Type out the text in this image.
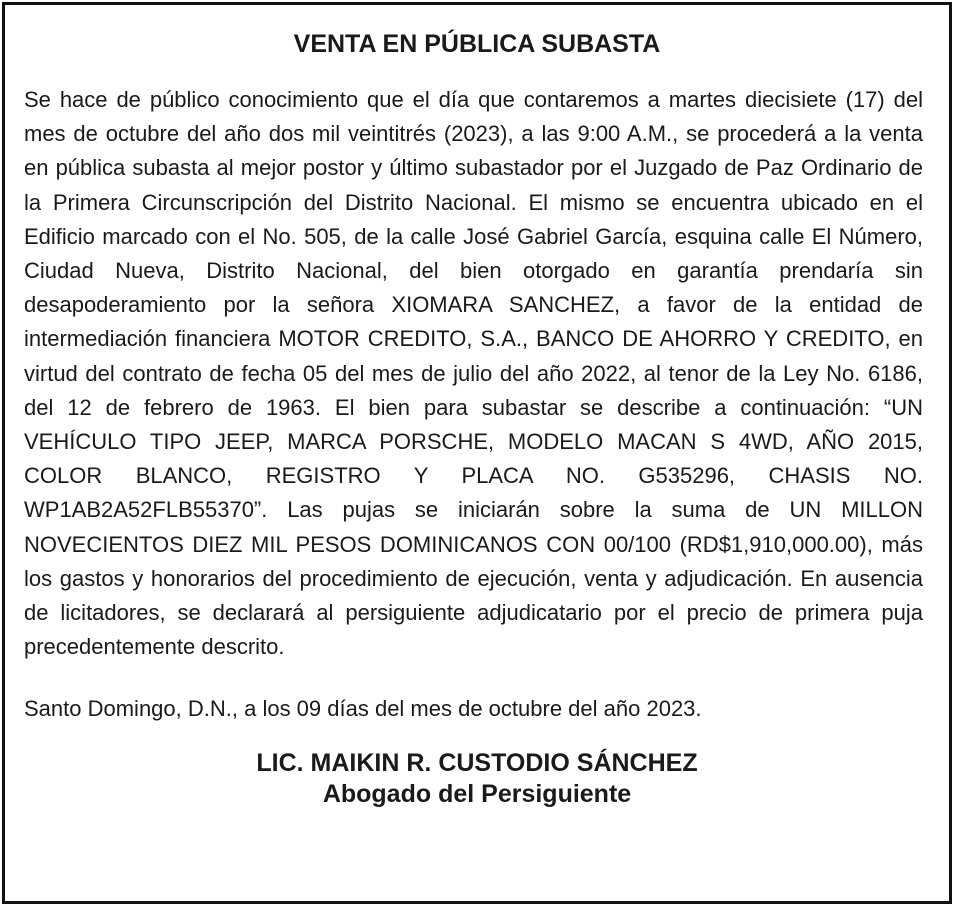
VENTA EN PÚBLICA SUBASTA

Se hace de público conocimiento que el día que contaremos a martes diecisiete (17) del mes de octubre del año dos mil veintitrés (2023), a las 9:00 A.M., se procederá a la venta en pública subasta al mejor postor y último subastador por el Juzgado de Paz Ordinario de la Primera Circunscripción del Distrito Nacional. El mismo se encuentra ubicado en el Edificio marcado con el No. 505, de la calle José Gabriel García, esquina calle El Número, Ciudad Nueva, Distrito Nacional, del bien otorgado en garantía prendaría sin desapoderamiento por la señora XIOMARA SANCHEZ, a favor de la entidad de intermediación financiera MOTOR CREDITO, S.A., BANCO DE AHORRO Y CREDITO, en virtud del contrato de fecha 05 del mes de julio del año 2022, al tenor de la Ley No. 6186, del 12 de febrero de 1963. El bien para subastar se describe a continuación: “UN VEHÍCULO TIPO JEEP, MARCA PORSCHE, MODELO MACAN S 4WD, AÑO 2015, COLOR BLANCO, REGISTRO Y PLACA NO. G535296, CHASIS NO. WP1AB2A52FLB55370”. Las pujas se iniciarán sobre la suma de UN MILLON NOVECIENTOS DIEZ MIL PESOS DOMINICANOS CON 00/100 (RD$1,910,000.00), más los gastos y honorarios del procedimiento de ejecución, venta y adjudicación. En ausencia de licitadores, se declarará al persiguiente adjudicatario por el precio de primera puja precedentemente descrito.

Santo Domingo, D.N., a los 09 días del mes de octubre del año 2023.

LIC. MAIKIN R. CUSTODIO SÁNCHEZ
Abogado del Persiguiente
